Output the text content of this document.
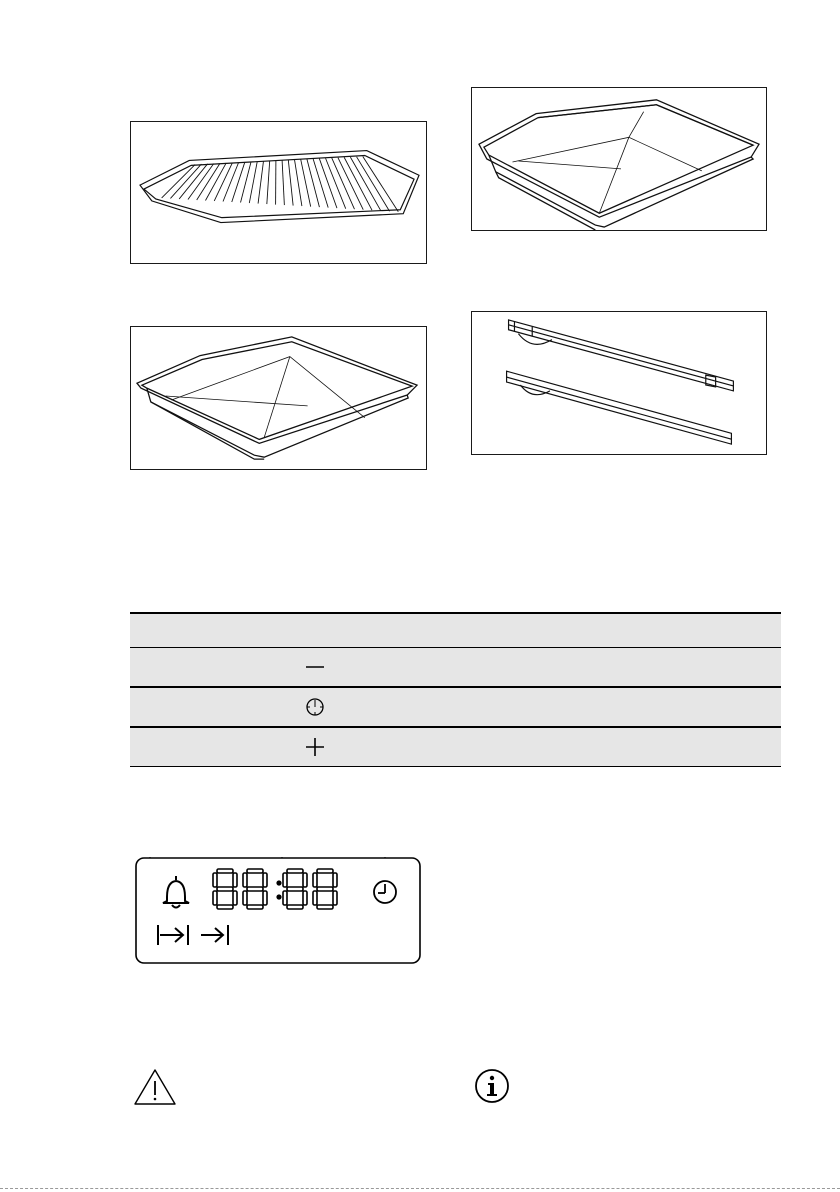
88:88
